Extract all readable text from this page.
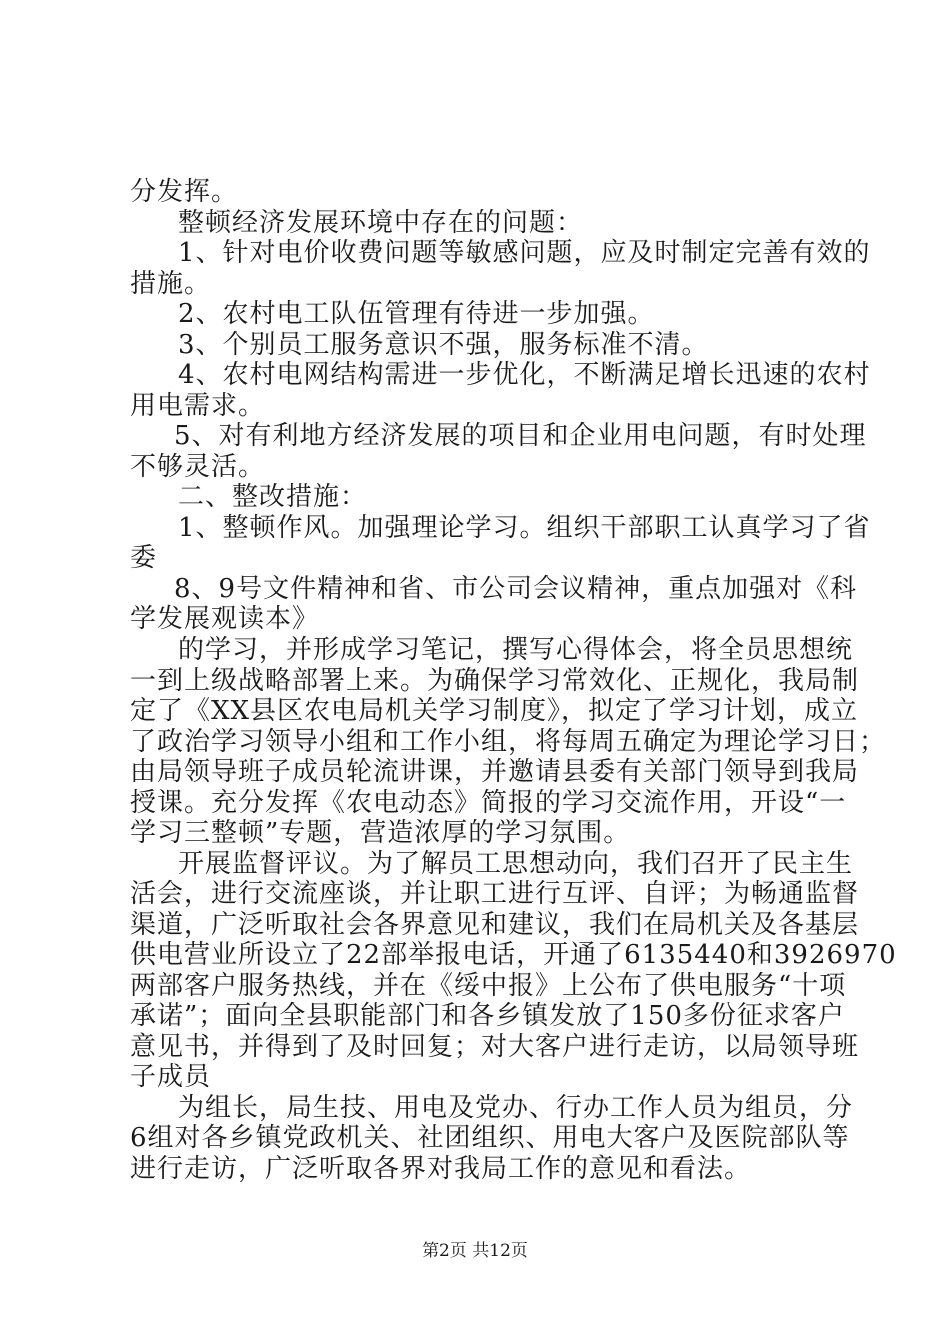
分发挥。
整顿经济发展环境中存在的问题：
1、针对电价收费问题等敏感问题，应及时制定完善有效的
措施。
2、农村电工队伍管理有待进一步加强。
3、个别员工服务意识不强，服务标准不清。
4、农村电网结构需进一步优化，不断满足增长迅速的农村
用电需求。
5、对有利地方经济发展的项目和企业用电问题，有时处理
不够灵活。
二、整改措施：
1、整顿作风。加强理论学习。组织干部职工认真学习了省
委
8、9号文件精神和省、市公司会议精神，重点加强对《科
学发展观读本》
的学习，并形成学习笔记，撰写心得体会，将全员思想统
一到上级战略部署上来。为确保学习常效化、正规化，我局制
定了《XX县区农电局机关学习制度》，拟定了学习计划，成立
了政治学习领导小组和工作小组，将每周五确定为理论学习日；
由局领导班子成员轮流讲课，并邀请县委有关部门领导到我局
授课。充分发挥《农电动态》简报的学习交流作用，开设“一
学习三整顿”专题，营造浓厚的学习氛围。
开展监督评议。为了解员工思想动向，我们召开了民主生
活会，进行交流座谈，并让职工进行互评、自评；为畅通监督
渠道，广泛听取社会各界意见和建议，我们在局机关及各基层
供电营业所设立了22部举报电话，开通了6135440和3926970
两部客户服务热线，并在《绥中报》上公布了供电服务“十项
承诺”；面向全县职能部门和各乡镇发放了150多份征求客户
意见书，并得到了及时回复；对大客户进行走访，以局领导班
子成员
为组长，局生技、用电及党办、行办工作人员为组员，分
6组对各乡镇党政机关、社团组织、用电大客户及医院部队等
进行走访，广泛听取各界对我局工作的意见和看法。
第2页 共12页
